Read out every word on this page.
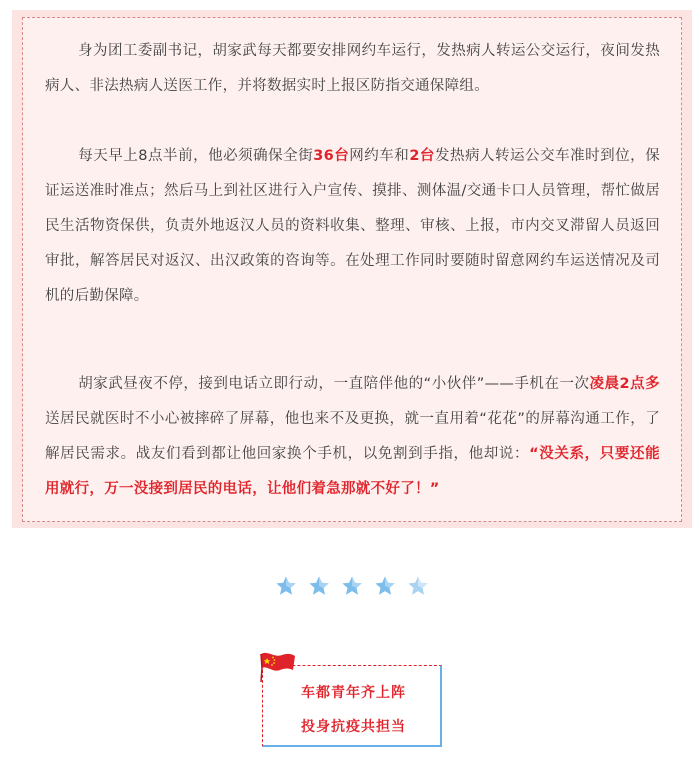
身为团工委副书记，胡家武每天都要安排网约车运行，发热病人转运公交运行，夜间发热病人、非法热病人送医工作，并将数据实时上报区防指交通保障组。

每天早上8点半前，他必须确保全街36台网约车和2台发热病人转运公交车准时到位，保证运送准时准点；然后马上到社区进行入户宣传、摸排、测体温/交通卡口人员管理，帮忙做居民生活物资保供，负责外地返汉人员的资料收集、整理、审核、上报，市内交叉滞留人员返回审批，解答居民对返汉、出汉政策的咨询等。在处理工作同时要随时留意网约车运送情况及司机的后勤保障。

胡家武昼夜不停，接到电话立即行动，一直陪伴他的“小伙伴”——手机在一次凌晨2点多送居民就医时不小心被摔碎了屏幕，他也来不及更换，就一直用着“花花”的屏幕沟通工作，了解居民需求。战友们看到都让他回家换个手机，以免割到手指，他却说：“没关系，只要还能用就行，万一没接到居民的电话，让他们着急那就不好了！”

车都青年齐上阵
投身抗疫共担当
